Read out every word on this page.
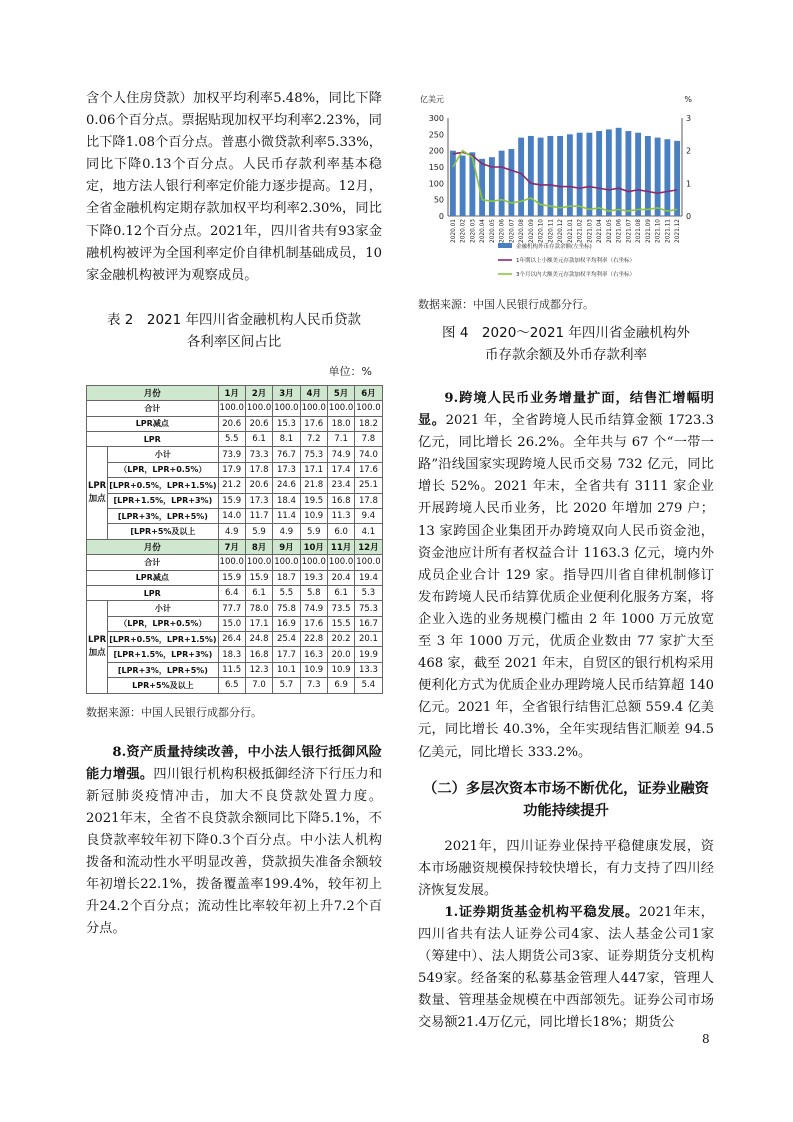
含个人住房贷款）加权平均利率5.48%，同比下降0.06个百分点。票据贴现加权平均利率2.23%，同比下降1.08个百分点。普惠小微贷款利率5.33%，同比下降0.13个百分点。人民币存款利率基本稳定，地方法人银行利率定价能力逐步提高。12月，全省金融机构定期存款加权平均利率2.30%，同比下降0.12个百分点。2021年，四川省共有93家金融机构被评为全国利率定价自律机制基础成员，10家金融机构被评为观察成员。

表 2　2021 年四川省金融机构人民币贷款各利率区间占比
单位：%
月份		1月	2月	3月	4月	5月	6月
合计		100.0	100.0	100.0	100.0	100.0	100.0
LPR减点		20.6	20.6	15.3	17.6	18.0	18.2
LPR		5.5	6.1	8.1	7.2	7.1	7.8
LPR
加点	小计	73.9	73.3	76.7	75.3	74.9	74.0
	（LPR，LPR+0.5%）	17.9	17.8	17.3	17.1	17.4	17.6
	[LPR+0.5%，LPR+1.5%)	21.2	20.6	24.6	21.8	23.4	25.1
	[LPR+1.5%，LPR+3%)	15.9	17.3	18.4	19.5	16.8	17.8
	[LPR+3%，LPR+5%)	14.0	11.7	11.4	10.9	11.3	9.4
	[LPR+5%及以上	4.9	5.9	4.9	5.9	6.0	4.1
月份		7月	8月	9月	10月	11月	12月
合计		100.0	100.0	100.0	100.0	100.0	100.0
LPR减点		15.9	15.9	18.7	19.3	20.4	19.4
LPR		6.4	6.1	5.5	5.8	6.1	5.3
LPR
加点	小计	77.7	78.0	75.8	74.9	73.5	75.3
	（LPR，LPR+0.5%）	15.0	17.1	16.9	17.6	15.5	16.7
	[LPR+0.5%，LPR+1.5%)	26.4	24.8	25.4	22.8	20.2	20.1
	[LPR+1.5%，LPR+3%)	18.3	16.8	17.7	16.3	20.0	19.9
	[LPR+3%，LPR+5%)	11.5	12.3	10.1	10.9	10.9	13.3
	LPR+5%及以上	6.5	7.0	5.7	7.3	6.9	5.4
数据来源：中国人民银行成都分行。

8.资产质量持续改善，中小法人银行抵御风险能力增强。四川银行机构积极抵御经济下行压力和新冠肺炎疫情冲击，加大不良贷款处置力度。2021年末，全省不良贷款余额同比下降5.1%，不良贷款率较年初下降0.3个百分点。中小法人机构拨备和流动性水平明显改善，贷款损失准备余额较年初增长22.1%，拨备覆盖率199.4%，较年初上升24.2个百分点；流动性比率较年初上升7.2个百分点。

亿美元	%
0
50
100
150
200
250
300
0
1
2
3
2020.01 2020.02 2020.03 2020.04 2020.05 2020.06 2020.07 2020.08 2020.09 2020.10 2020.11 2020.12 2021.01 2021.02 2021.03 2021.04 2021.05 2021.06 2021.07 2021.08 2021.09 2021.10 2021.11 2021.12
金融机构外币存款余额(左坐标)
1年期以上小额美元存款加权平均利率（右坐标）
3个月以内大额美元存款加权平均利率（右坐标）
数据来源：中国人民银行成都分行。
图 4　2020～2021 年四川省金融机构外币存款余额及外币存款利率

9.跨境人民币业务增量扩面，结售汇增幅明显。2021 年，全省跨境人民币结算金额 1723.3 亿元，同比增长 26.2%。全年共与 67 个“一带一路”沿线国家实现跨境人民币交易 732 亿元，同比增长 52%。2021 年末，全省共有 3111 家企业开展跨境人民币业务，比 2020 年增加 279 户；13 家跨国企业集团开办跨境双向人民币资金池，资金池应计所有者权益合计 1163.3 亿元，境内外成员企业合计 129 家。指导四川省自律机制修订发布跨境人民币结算优质企业便利化服务方案，将企业入选的业务规模门槛由 2 年 1000 万元放宽至 3 年 1000 万元，优质企业数由 77 家扩大至 468 家，截至 2021 年末，自贸区的银行机构采用便利化方式为优质企业办理跨境人民币结算超 140 亿元。2021 年，全省银行结售汇总额 559.4 亿美元，同比增长 40.3%，全年实现结售汇顺差 94.5 亿美元，同比增长 333.2%。

（二）多层次资本市场不断优化，证券业融资功能持续提升

2021年，四川证券业保持平稳健康发展，资本市场融资规模保持较快增长，有力支持了四川经济恢复发展。

1.证券期货基金机构平稳发展。2021年末，四川省共有法人证券公司4家、法人基金公司1家（筹建中）、法人期货公司3家、证券期货分支机构549家。经备案的私募基金管理人447家，管理人数量、管理基金规模在中西部领先。证券公司市场交易额21.4万亿元，同比增长18%；期货公

8
